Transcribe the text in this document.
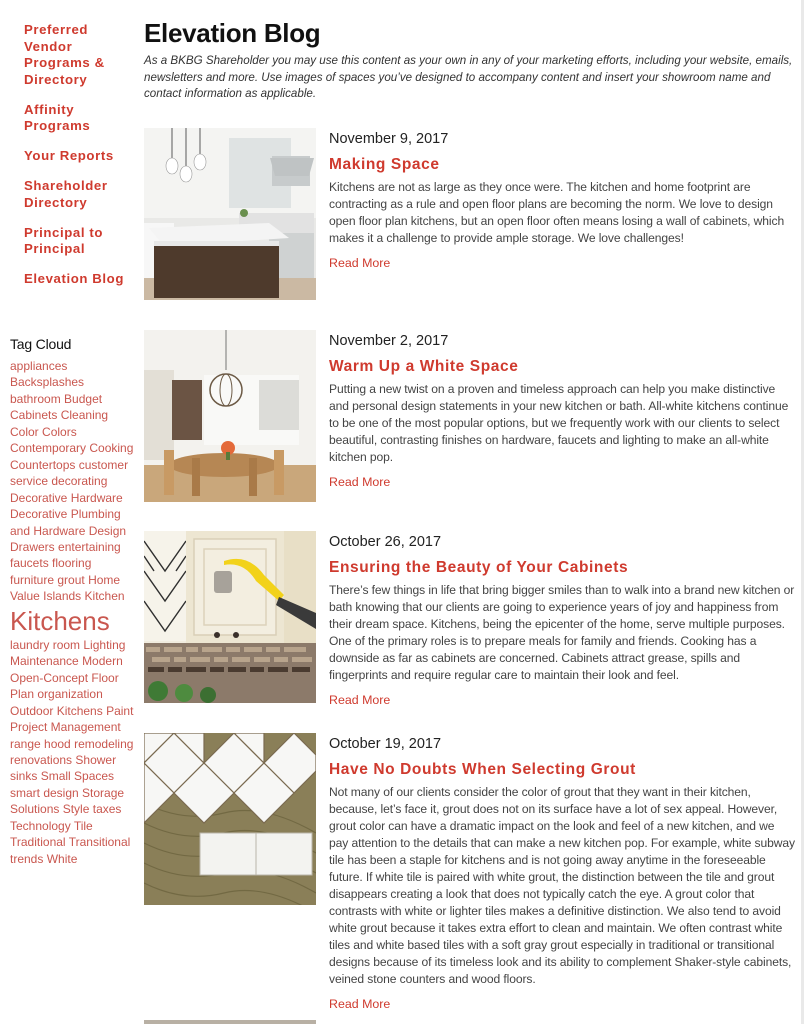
Preferred Vendor Programs & Directory
Affinity Programs
Your Reports
Shareholder Directory
Principal to Principal
Elevation Blog
Tag Cloud
appliances Backsplashes bathroom Budget Cabinets Cleaning Color Colors Contemporary Cooking Countertops customer service decorating Decorative Hardware Decorative Plumbing and Hardware Design Drawers entertaining faucets flooring furniture grout Home Value Islands Kitchen Kitchens laundry room Lighting Maintenance Modern Open-Concept Floor Plan organization Outdoor Kitchens Paint Project Management range hood remodeling renovations Shower sinks Small Spaces smart design Storage Solutions Style taxes Technology Tile Traditional Transitional trends White
Elevation Blog
As a BKBG Shareholder you may use this content as your own in any of your marketing efforts, including your website, emails, newsletters and more. Use images of spaces you’ve designed to accompany content and insert your showroom name and contact information as applicable.
November 9, 2017
Making Space
Kitchens are not as large as they once were. The kitchen and home footprint are contracting as a rule and open floor plans are becoming the norm. We love to design open floor plan kitchens, but an open floor often means losing a wall of cabinets, which makes it a challenge to provide ample storage. We love challenges!
Read More
November 2, 2017
Warm Up a White Space
Putting a new twist on a proven and timeless approach can help you make distinctive and personal design statements in your new kitchen or bath. All-white kitchens continue to be one of the most popular options, but we frequently work with our clients to select beautiful, contrasting finishes on hardware, faucets and lighting to make an all-white kitchen pop.
Read More
October 26, 2017
Ensuring the Beauty of Your Cabinets
There’s few things in life that bring bigger smiles than to walk into a brand new kitchen or bath knowing that our clients are going to experience years of joy and happiness from their dream space. Kitchens, being the epicenter of the home, serve multiple purposes. One of the primary roles is to prepare meals for family and friends. Cooking has a downside as far as cabinets are concerned. Cabinets attract grease, spills and fingerprints and require regular care to maintain their look and feel.
Read More
October 19, 2017
Have No Doubts When Selecting Grout
Not many of our clients consider the color of grout that they want in their kitchen, because, let’s face it, grout does not on its surface have a lot of sex appeal. However, grout color can have a dramatic impact on the look and feel of a new kitchen, and we pay attention to the details that can make a new kitchen pop. For example, white subway tile has been a staple for kitchens and is not going away anytime in the foreseeable future. If white tile is paired with white grout, the distinction between the tile and grout disappears creating a look that does not typically catch the eye. A grout color that contrasts with white or lighter tiles makes a definitive distinction. We also tend to avoid white grout because it takes extra effort to clean and maintain. We often contrast white tiles and white based tiles with a soft gray grout especially in traditional or transitional designs because of its timeless look and its ability to complement Shaker-style cabinets, veined stone counters and wood floors.
Read More
